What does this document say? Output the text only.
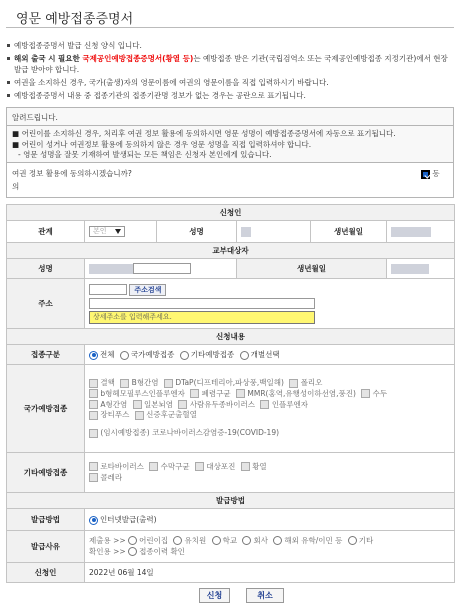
영문 예방접종증명서

예방접종증명서 발급 신청 양식 입니다.

해외 출국 시 필요한 국제공인예방접종증명서(황열 등)는 예방접종 받은 기관(국립검역소 또는 국제공인예방접종 지정기관)에서 현장발급 받아야 합니다.

여권을 소지하신 경우, 국가(출생)자의 영문이름에 여권의 영문이름을 직접 입력하시기 바랍니다.

예방접종증명서 내용 중 접종기관의 접종기관명 정보가 없는 경우는 공란으로 표기됩니다.

알려드립니다.
■ 어린이를 소지하신 경우, 처리후 여권 정보 활용에 동의하시면 영문 성명이 예방접종증명서에 자동으로 표기됩니다.
■ 어린이 성거나 여권정보 활용에 동의하지 않은 경우 영문 성명을 직접 입력하셔야 합니다.
- 영문 성명을 잘못 기재하여 발생되는 모든 책임은 신청자 본인에게 있습니다.
여권 정보 활용에 동의하시겠습니까?	동
의
신청인					
관계	본인	성명		생년월일	
교부대상자					
성명			생년월일		
주소	주소검색
상세주소를 입력해주세요.				

신청내용					
접종구분	전체 국가예방접종 기타예방접종 개별선택				
국가예방접종	결핵 B형간염 DTaP(디프테리아,파상풍,백일해) 폴리오
b형헤모필루스인플루엔자 폐렴구균 MMR(홍역,유행성이하선염,풍진) 수두
A형간염 일본뇌염 사람유두종바이러스 인플루엔자
장티푸스 신증후군출혈열
(임시예방접종) 코로나바이러스감염증-19(COVID-19)				

기타예방접종	로타바이러스 수막구균 대상포진 황열
콜레라				

발급방법					
발급방법	인터넷발급(출력)				
발급사유	제출용 >> 어린이집 유치원 학교 회사 해외 유학/이민 등 기타
확인용 >> 접종이력 확인				

신청인	2022년 06월 14일				
신청	취소
